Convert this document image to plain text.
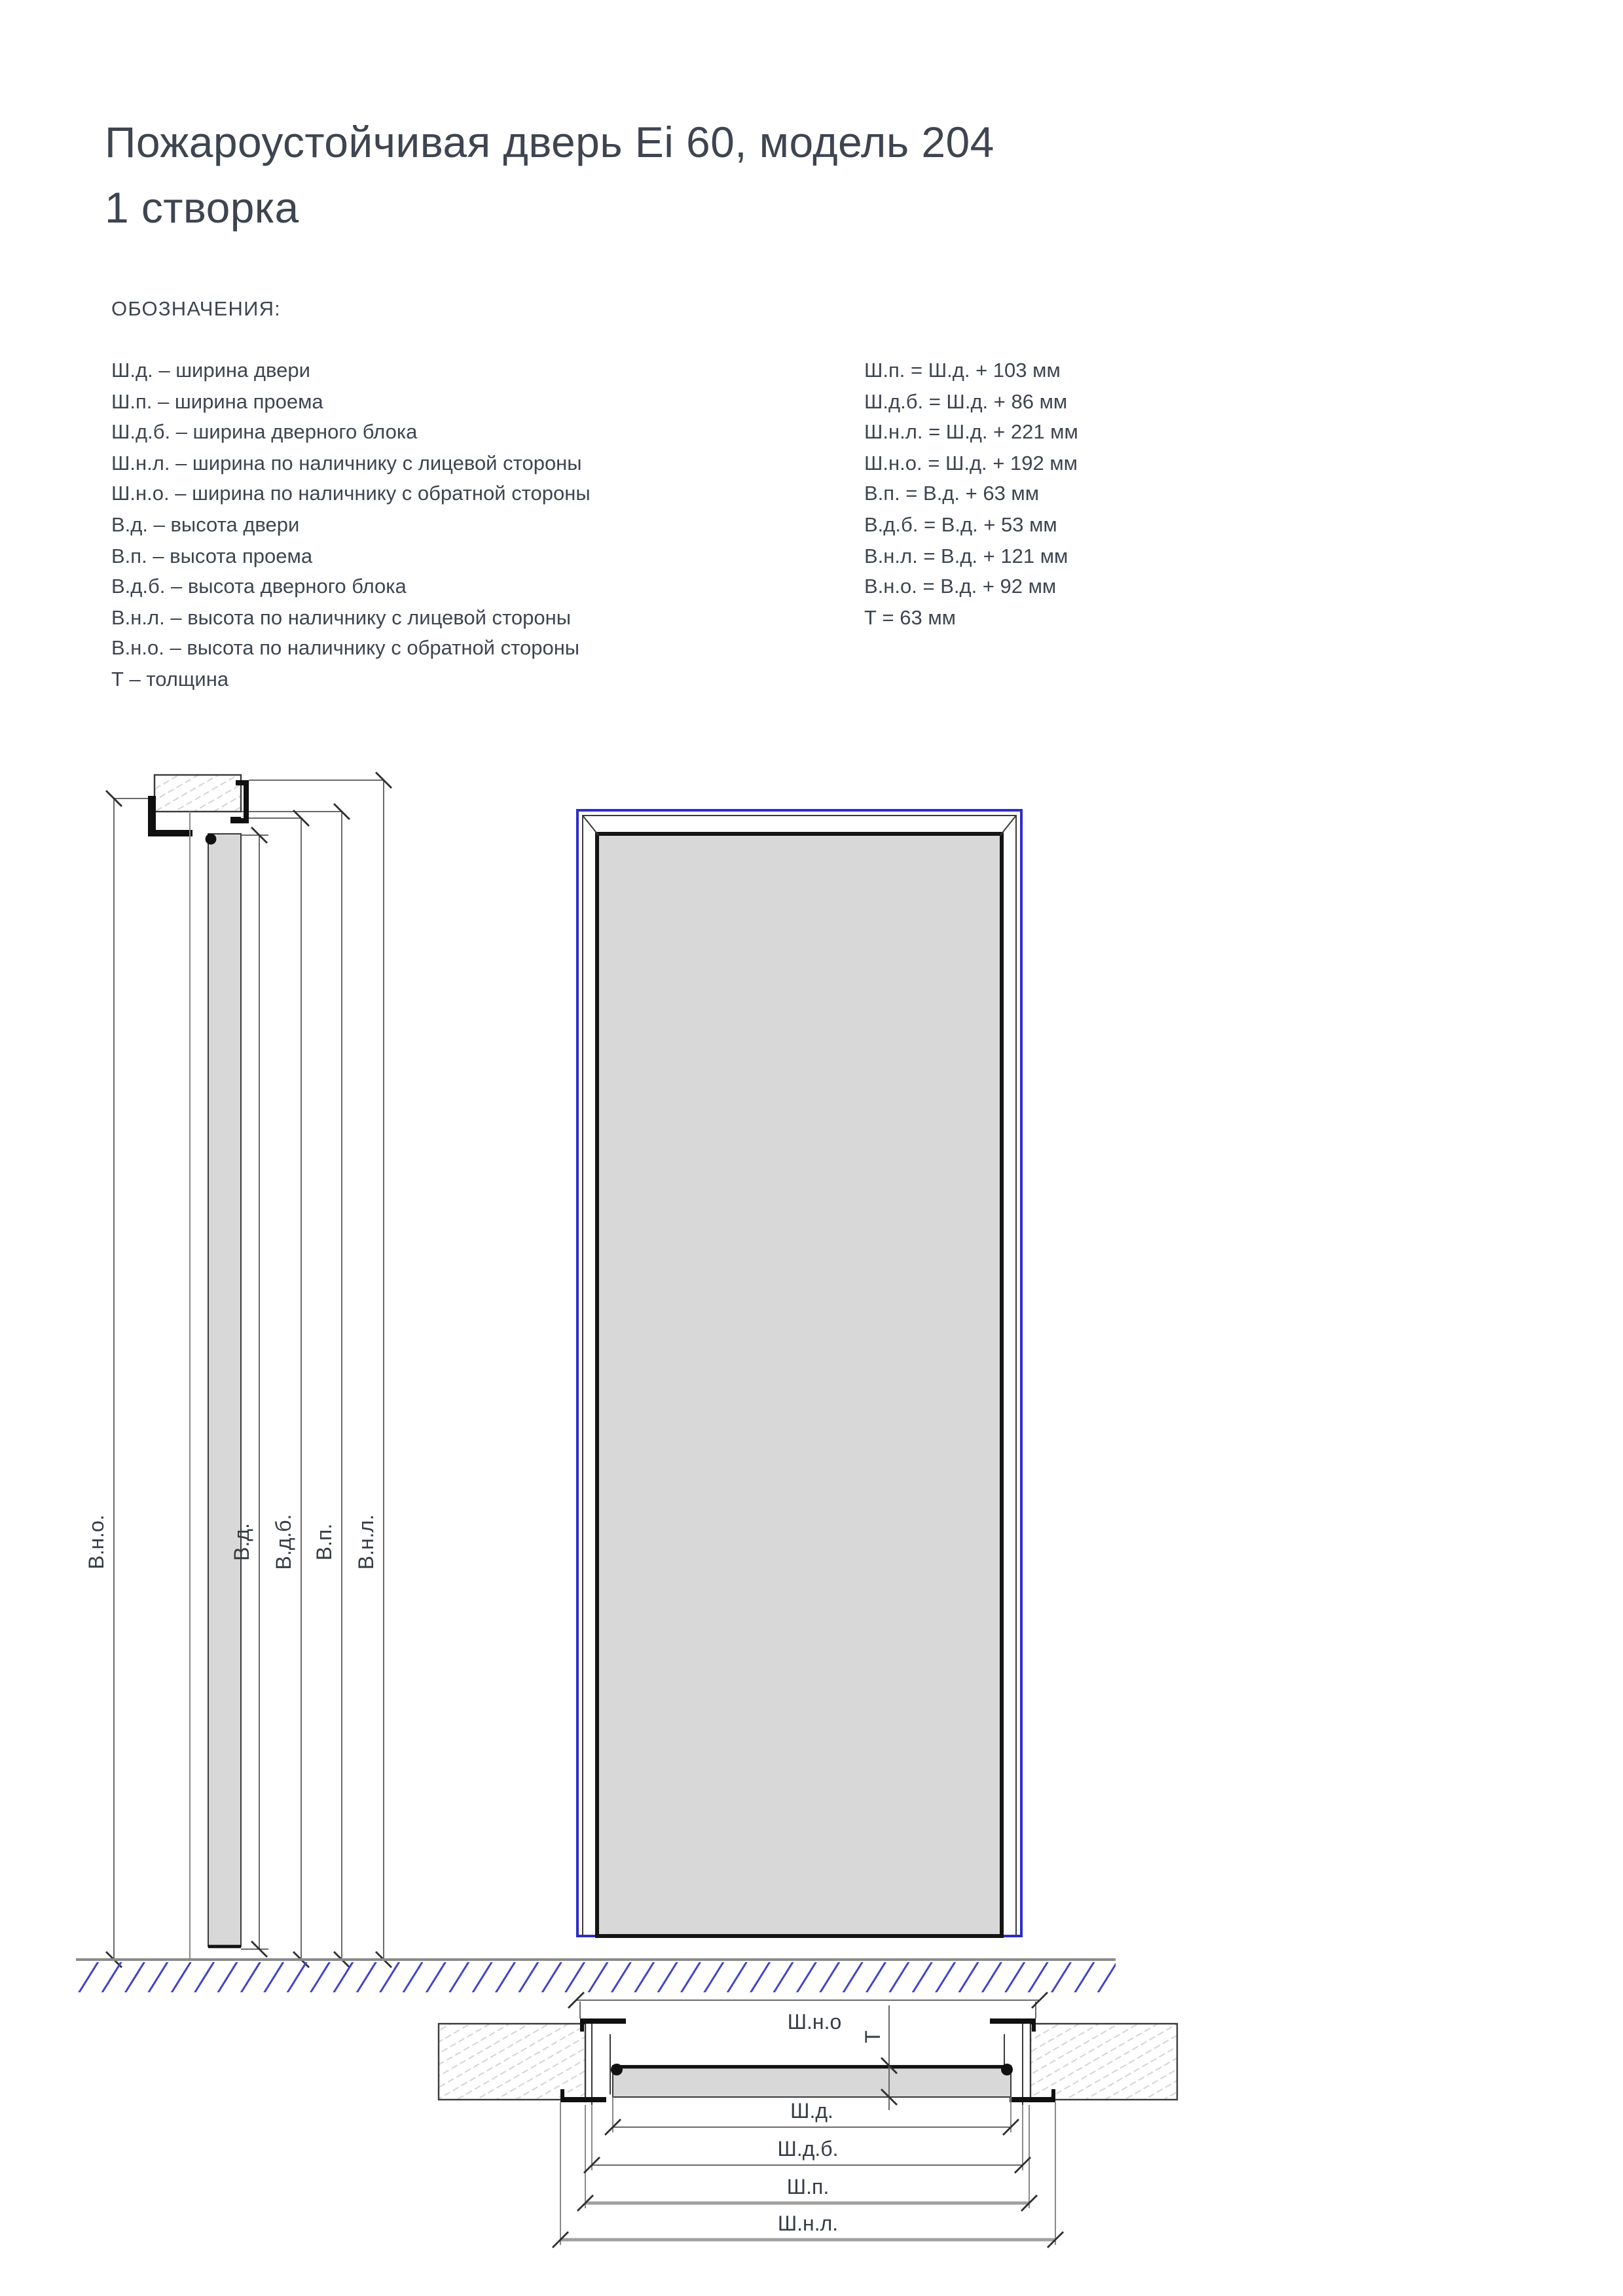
Пожароустойчивая дверь Ei 60, модель 204
1 створка
ОБОЗНАЧЕНИЯ:
Ш.д. – ширина двери
Ш.п. – ширина проема
Ш.д.б. – ширина дверного блока
Ш.н.л. – ширина по наличнику с лицевой стороны
Ш.н.о. – ширина по наличнику с обратной стороны
В.д. – высота двери
В.п. – высота проема
В.д.б. – высота дверного блока
В.н.л. – высота по наличнику с лицевой стороны
В.н.о. – высота по наличнику с обратной стороны
Т – толщина
Ш.п. = Ш.д. + 103 мм
Ш.д.б. = Ш.д. + 86 мм
Ш.н.л. = Ш.д. + 221 мм
Ш.н.о. = Ш.д. + 192 мм
В.п. = В.д. + 63 мм
В.д.б. = В.д. + 53 мм
В.н.л. = В.д. + 121 мм
В.н.о. = В.д. + 92 мм
Т = 63 мм
В.н.о.	В.д. В.д.б. В.п. В.н.л.
Ш.н.о
Т
Ш.д.
Ш.д.б.
Ш.п.
Ш.н.л.
